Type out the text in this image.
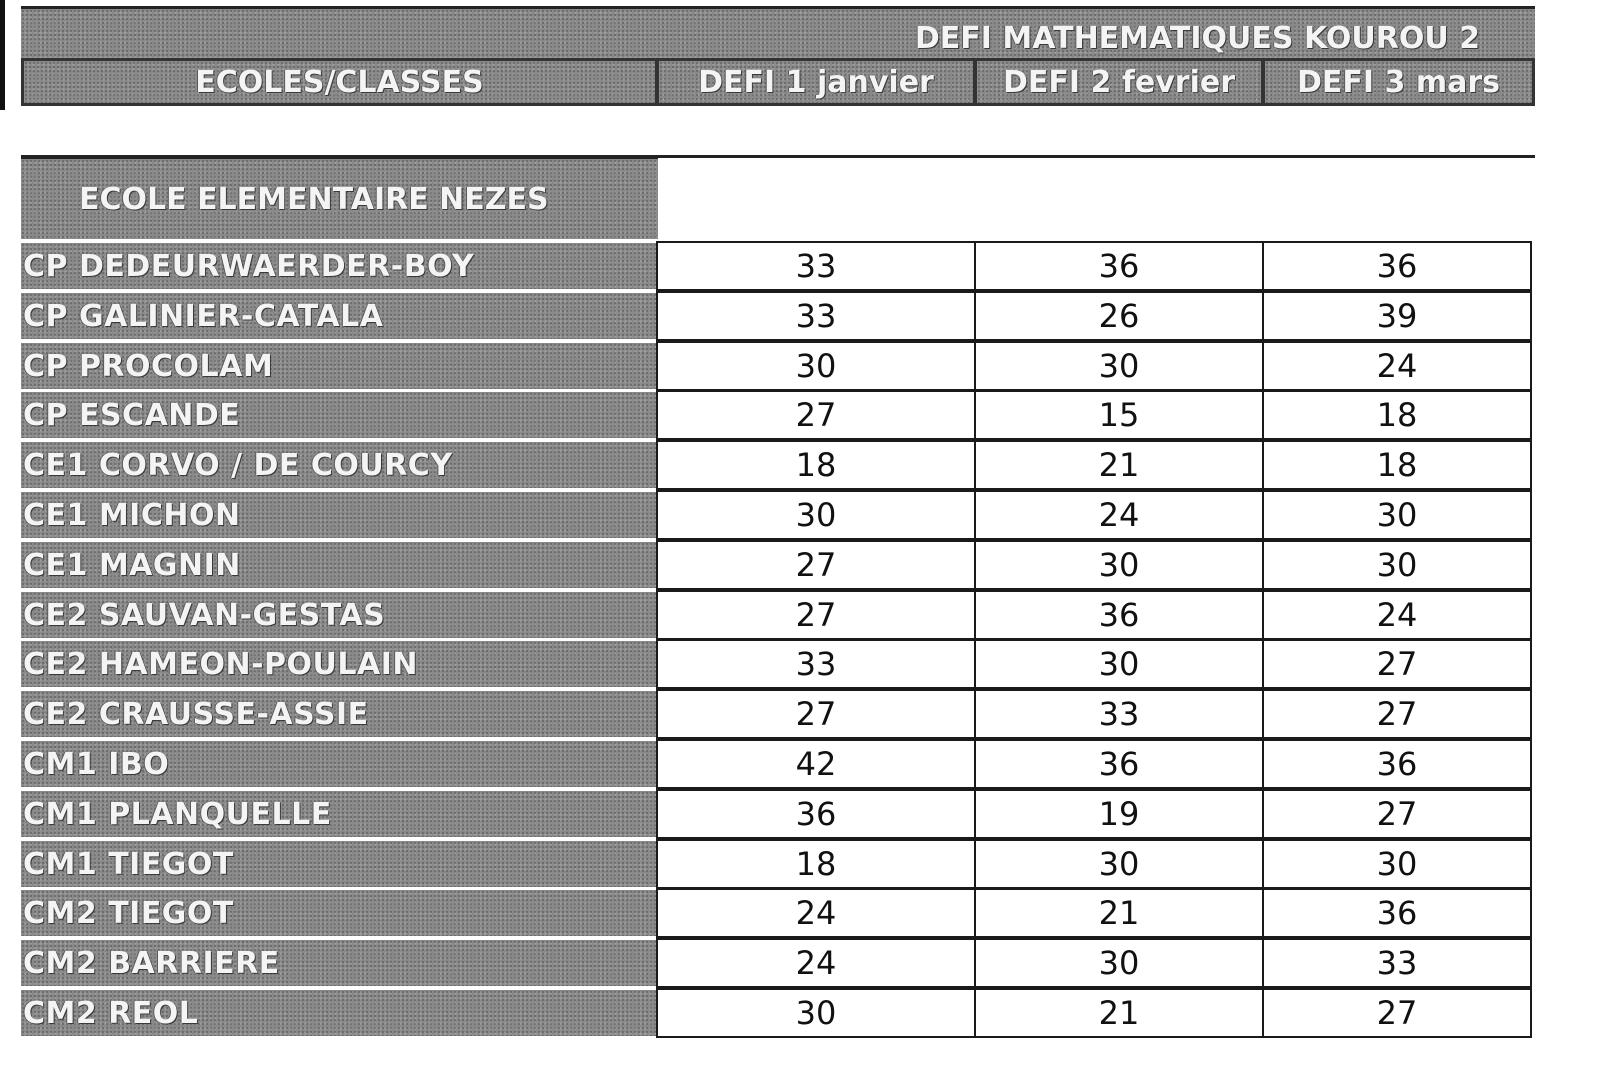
DEFI MATHEMATIQUES KOUROU 2
ECOLES/CLASSES	DEFI 1 janvier	DEFI 2 fevrier	DEFI 3 mars
ECOLE ELEMENTAIRE NEZES
CP DEDEURWAERDER-BOY	33	36	36
CP GALINIER-CATALA	33	26	39
CP PROCOLAM	30	30	24
CP ESCANDE	27	15	18
CE1 CORVO / DE COURCY	18	21	18
CE1 MICHON	30	24	30
CE1 MAGNIN	27	30	30
CE2 SAUVAN-GESTAS	27	36	24
CE2 HAMEON-POULAIN	33	30	27
CE2 CRAUSSE-ASSIE	27	33	27
CM1 IBO	42	36	36
CM1 PLANQUELLE	36	19	27
CM1 TIEGOT	18	30	30
CM2 TIEGOT	24	21	36
CM2 BARRIERE	24	30	33
CM2 REOL	30	21	27
